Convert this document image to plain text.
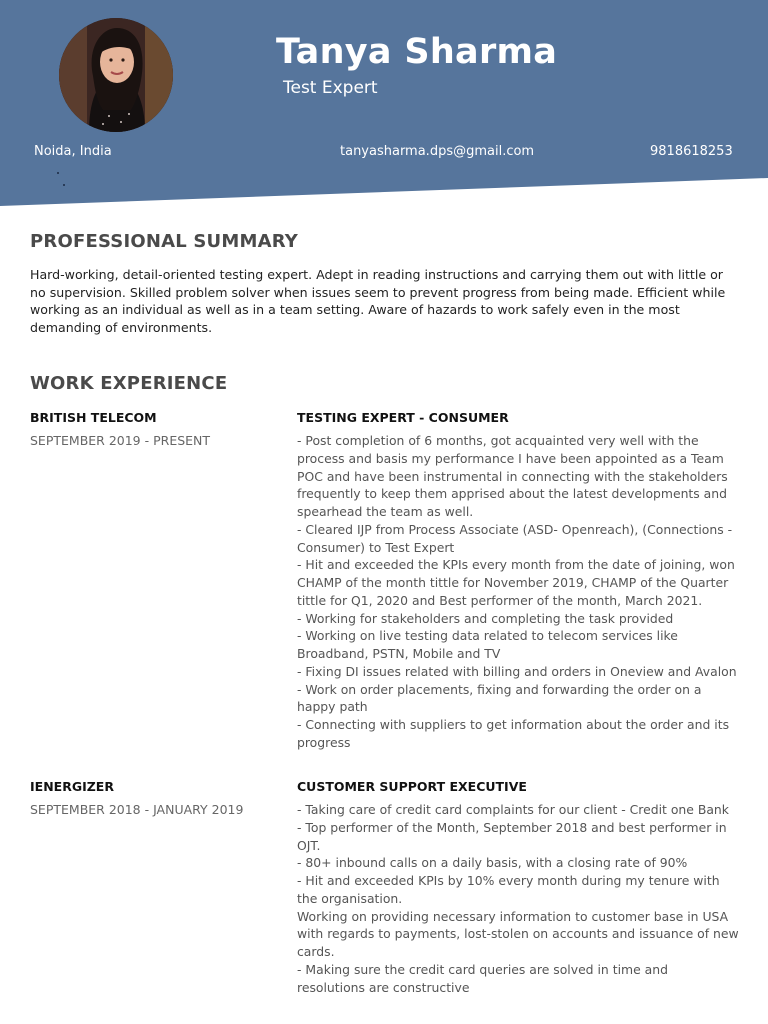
Tanya Sharma
Test Expert
Noida, India	tanyasharma.dps@gmail.com	9818618253
PROFESSIONAL SUMMARY
Hard-working, detail-oriented testing expert. Adept in reading instructions and carrying them out with little or no supervision. Skilled problem solver when issues seem to prevent progress from being made. Efficient while working as an individual as well as in a team setting. Aware of hazards to work safely even in the most demanding of environments.
WORK EXPERIENCE
BRITISH TELECOM	TESTING EXPERT - CONSUMER
SEPTEMBER 2019 - PRESENT	- Post completion of 6 months, got acquainted very well with the process and basis my performance I have been appointed as a Team POC and have been instrumental in connecting with the stakeholders frequently to keep them apprised about the latest developments and spearhead the team as well.
- Cleared IJP from Process Associate (ASD- Openreach), (Connections -Consumer) to Test Expert
- Hit and exceeded the KPIs every month from the date of joining, won CHAMP of the month tittle for November 2019, CHAMP of the Quarter tittle for Q1, 2020 and Best performer of the month, March 2021.
- Working for stakeholders and completing the task provided
- Working on live testing data related to telecom services like Broadband, PSTN, Mobile and TV
- Fixing DI issues related with billing and orders in Oneview and Avalon
- Work on order placements, fixing and forwarding the order on a happy path
- Connecting with suppliers to get information about the order and its progress
IENERGIZER	CUSTOMER SUPPORT EXECUTIVE
SEPTEMBER 2018 - JANUARY 2019	- Taking care of credit card complaints for our client - Credit one Bank
- Top performer of the Month, September 2018 and best performer in OJT.
- 80+ inbound calls on a daily basis, with a closing rate of 90%
- Hit and exceeded KPIs by 10% every month during my tenure with the organisation.
Working on providing necessary information to customer base in USA with regards to payments, lost-stolen on accounts and issuance of new cards.
- Making sure the credit card queries are solved in time and resolutions are constructive
